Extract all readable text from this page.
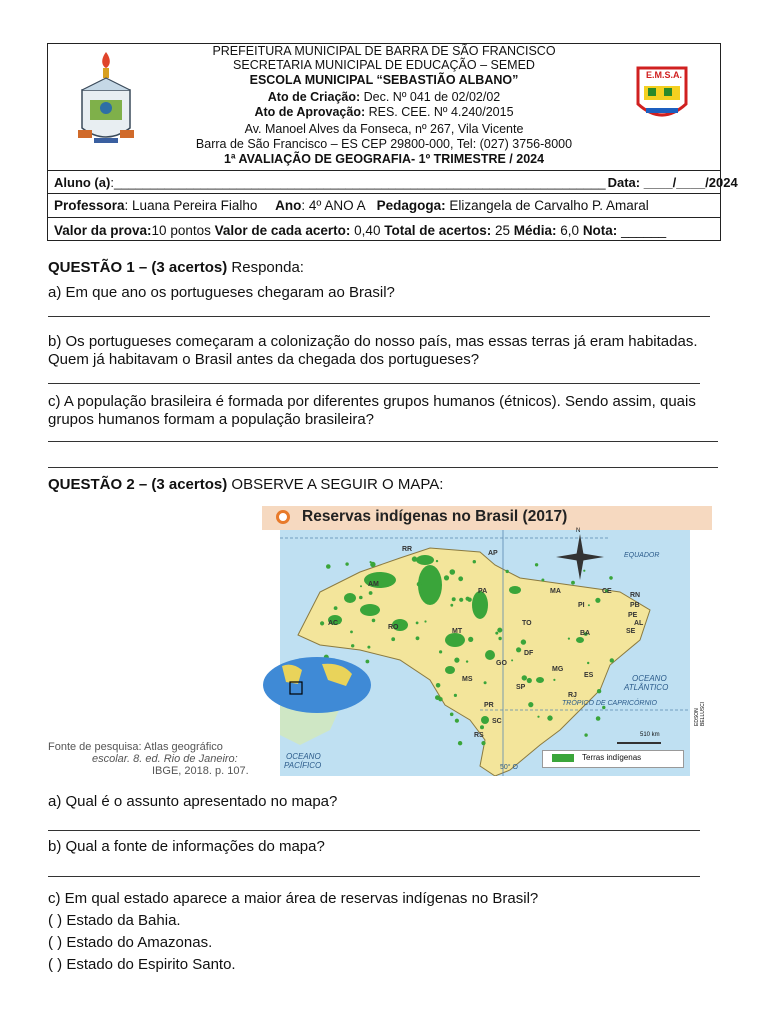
E.M.S.A.
PREFEITURA MUNICIPAL DE BARRA DE SÃO FRANCISCO
SECRETARIA MUNICIPAL DE EDUCAÇÃO – SEMED
ESCOLA MUNICIPAL “SEBASTIÃO ALBANO”
Ato de Criação: Dec. Nº 041 de 02/02/02
Ato de Aprovação: RES. CEE. Nº 4.240/2015
Av. Manoel Alves da Fonseca, nº 267, Vila Vicente
Barra de São Francisco – ES CEP 29800-000, Tel: (027) 3756-8000
1ª AVALIAÇÃO DE GEOGRAFIA- 1º TRIMESTRE / 2024
Aluno (a):____________________________________________________________________ Data: ____/____/2024
Professora: Luana Pereira Fialho Ano: 4º ANO A Pedagoga: Elizangela de Carvalho P. Amaral
Valor da prova:10 pontos Valor de cada acerto: 0,40 Total de acertos: 25 Média: 6,0 Nota: ______
QUESTÃO 1 – (3 acertos) Responda:
a) Em que ano os portugueses chegaram ao Brasil?
b) Os portugueses começaram a colonização do nosso país, mas essas terras já eram habitadas.
Quem já habitavam o Brasil antes da chegada dos portugueses?
c) A população brasileira é formada por diferentes grupos humanos (étnicos). Sendo assim, quais
grupos humanos formam a população brasileira?
QUESTÃO 2 – (3 acertos) OBSERVE A SEGUIR O MAPA:
Reservas indígenas no Brasil (2017)
N
EQUADOR
TRÓPICO DE CAPRICÓRNIO
OCEANO
ATLÂNTICO
OCEANO
PACÍFICO	50° O
510 km
Terras indígenas
EDSON BELLUSCI
RR
AP
AM
PA	MA	CE
RN
PB
PE
AL
SE
PI
AC
RO
MT
TO
BA
DF
GO
MG
ES
MS
SP
RJ
PR
SC
RS
Fonte de pesquisa: Atlas geográfico
escolar. 8. ed. Rio de Janeiro:
IBGE, 2018. p. 107.
a) Qual é o assunto apresentado no mapa?
b) Qual a fonte de informações do mapa?
c) Em qual estado aparece a maior área de reservas indígenas no Brasil?
( ) Estado da Bahia.
( ) Estado do Amazonas.
( ) Estado do Espirito Santo.
